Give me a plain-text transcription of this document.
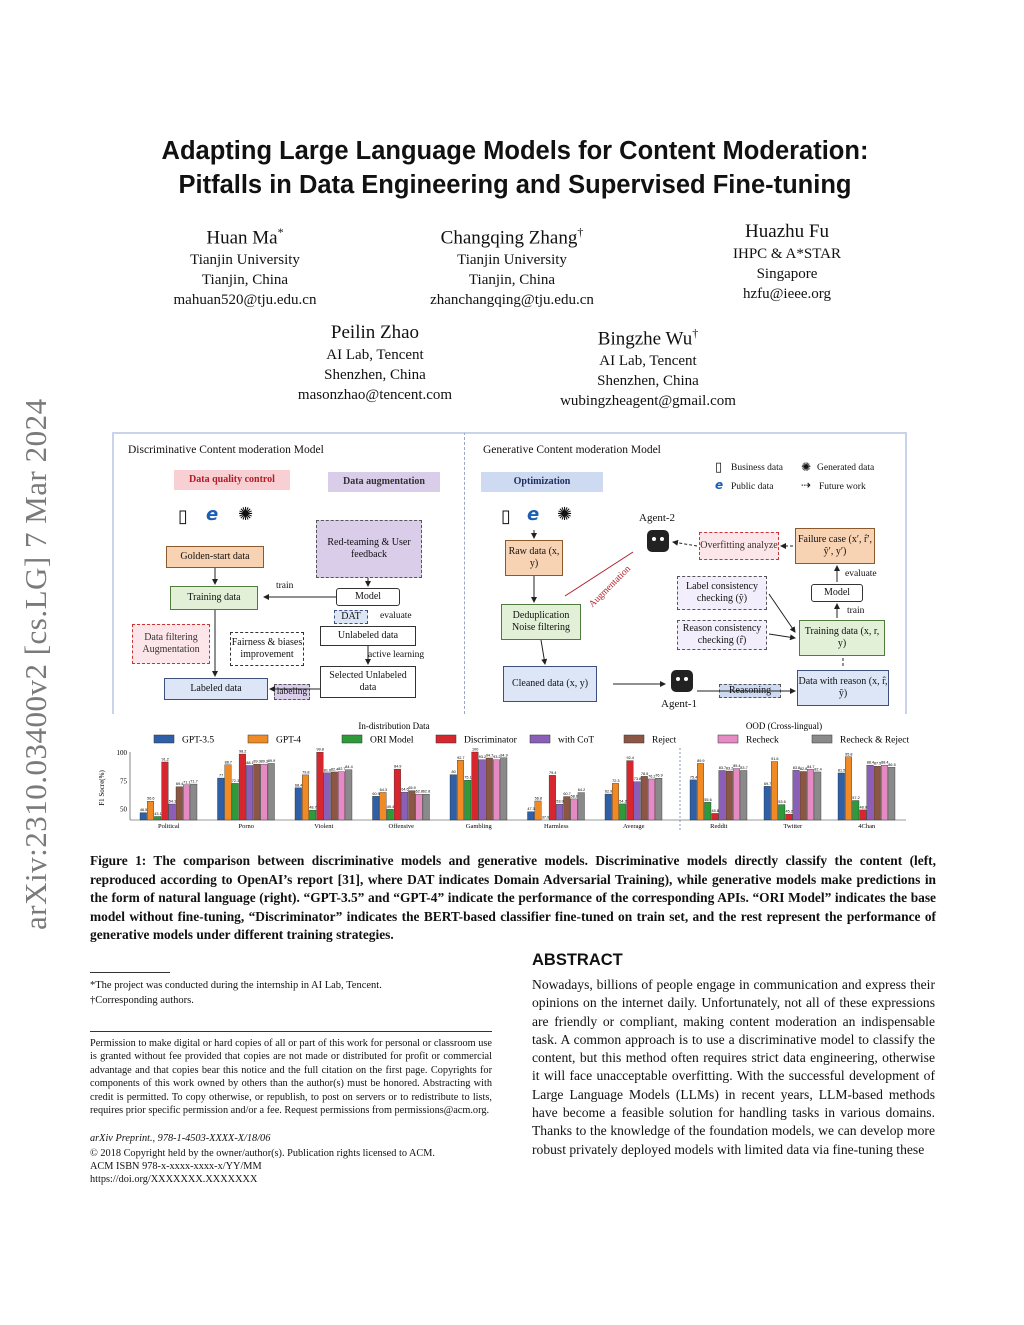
arXiv:2310.03400v2 [cs.LG] 7 Mar 2024
Adapting Large Language Models for Content Moderation:
Pitfalls in Data Engineering and Supervised Fine-tuning
Huan Ma*
Tianjin University
Tianjin, China
mahuan520@tju.edu.cn
Changqing Zhang†
Tianjin University
Tianjin, China
zhanchangqing@tju.edu.cn
Huazhu Fu
IHPC & A*STAR
Singapore
hzfu@ieee.org
Peilin Zhao
AI Lab, Tencent
Shenzhen, China
masonzhao@tencent.com
Bingzhe Wu†
AI Lab, Tencent
Shenzhen, China
wubingzheagent@gmail.com
Discriminative Content moderation Model
Data quality control	Data augmentation
▯ e ✺
Golden-start data
Training data
train
Data filtering Augmentation
Fairness & biases improvement
Labeled data	labeling
Red-teaming & User feedback
Model
DAT	evaluate
Unlabeled data
active learning
Selected Unlabeled data
Generative Content moderation Model
Optimization
▯ Business data
e Public data
✺ Generated data
⇢ Future work
▯ e ✺
Raw data (x, y)
Augmentation
Deduplication Noise filtering
Cleaned data (x, y)
Agent-2
Agent-1
Overfitting analyze
Failure case (x′, r̂′, ŷ′, y′)
evaluate
Model
train
Label consistency checking (ŷ)
Reason consistency checking (r̂)
Training data (x, r, y)
Reasoning
Data with reason (x, r̂, ŷ)
In-distribution Data	OOD (Cross-lingual)
GPT-3.5	GPT-4	ORI Model	Discriminator	with CoT	Reject	Recheck	Recheck & Reject
50
75
100
F1 Socre(%)
46.5
56.6
43.1
91.2
54.1
69.4 71.1 71.7
Political
77
88.7
72.3
98.2
88.1 89.3 89.3 89.9
Porno
68.4
79.8
48.7
99.8
81.6 82.4 82.7 84.4
Violent
60.9
64.3
49.4
84.9
64.6 65.9
62.8 62.8
Offensive
80
92.7
75.1
100
93.2 94.7 93.2 94.9
Gambling
47.3
56.8
37.9
79.4
53.9
60.7
58.6
64.2
Harmless
62.9
72.3
54.2
92.4
73.8
78.5
76.2 76.9
Average
75.4
89.9
55.6
45.8
83.7 83.2
85.4 83.7
Reddit
69.7
91.6
53.6
45.2
83.8 82.8
84.7
82.4
Twitter
81.5
95.8
57.2
48.9
88.4 87.5 88.4
86.5
4Chan
Figure 1: The comparison between discriminative models and generative models. Discriminative models directly classify the content (left, reproduced according to OpenAI’s report [31], where DAT indicates Domain Adversarial Training), while generative models make predictions in the form of natural language (right). “GPT-3.5” and “GPT-4” indicate the performance of the corresponding APIs. “ORI Model” indicates the base model without fine-tuning, “Discriminator” indicates the BERT-based classifier fine-tuned on train set, and the rest represent the performance of generative models under different training strategies.
*The project was conducted during the internship in AI Lab, Tencent.
†Corresponding authors.
Permission to make digital or hard copies of all or part of this work for personal or classroom use is granted without fee provided that copies are not made or distributed for profit or commercial advantage and that copies bear this notice and the full citation on the first page. Copyrights for components of this work owned by others than the author(s) must be honored. Abstracting with credit is permitted. To copy otherwise, or republish, to post on servers or to redistribute to lists, requires prior specific permission and/or a fee. Request permissions from permissions@acm.org.
arXiv Preprint., 978-1-4503-XXXX-X/18/06
© 2018 Copyright held by the owner/author(s). Publication rights licensed to ACM.
ACM ISBN 978-x-xxxx-xxxx-x/YY/MM
https://doi.org/XXXXXXX.XXXXXXX
ABSTRACT
Nowadays, billions of people engage in communication and express their opinions on the internet daily. Unfortunately, not all of these expressions are friendly or compliant, making content moderation an indispensable task. A common approach is to use a discriminative model to classify the content, but this method often requires strict data engineering, otherwise it will face unacceptable overfitting. With the successful development of Large Language Models (LLMs) in recent years, LLM-based methods have become a feasible solution for handling tasks in various domains. Thanks to the knowledge of the foundation models, we can develop more robust privately deployed models with limited data via fine-tuning these
